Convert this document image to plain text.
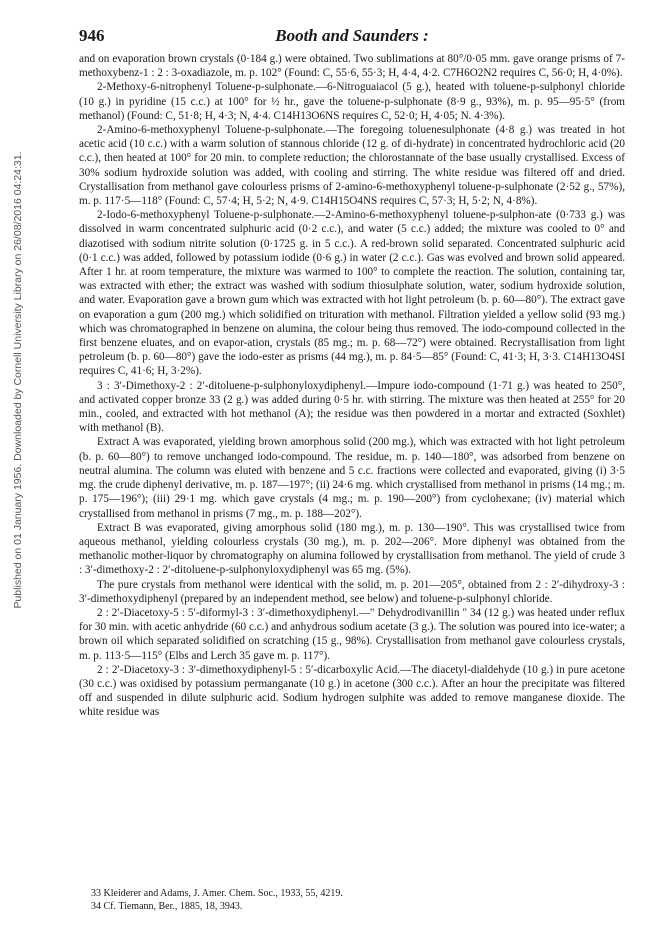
946	Booth and Saunders :
Published on 01 January 1956. Downloaded by Cornell University Library on 26/08/2016 04:24:31.

and on evaporation brown crystals (0·184 g.) were obtained. Two sublimations at 80°/0·05 mm. gave orange prisms of 7-methoxybenz-1 : 2 : 3-oxadiazole, m. p. 102° (Found: C, 55·6, 55·3; H, 4·4, 4·2. C7H6O2N2 requires C, 56·0; H, 4·0%).

2-Methoxy-6-nitrophenyl Toluene-p-sulphonate.—6-Nitroguaiacol (5 g.), heated with toluene-p-sulphonyl chloride (10 g.) in pyridine (15 c.c.) at 100° for ½ hr., gave the toluene-p-sulphonate (8·9 g., 93%), m. p. 95—95·5° (from methanol) (Found: C, 51·8; H, 4·3; N, 4·4. C14H13O6NS requires C, 52·0; H, 4·05; N. 4·3%).

2-Amino-6-methoxyphenyl Toluene-p-sulphonate.—The foregoing toluenesulphonate (4·8 g.) was treated in hot acetic acid (10 c.c.) with a warm solution of stannous chloride (12 g. of di-hydrate) in concentrated hydrochloric acid (20 c.c.), then heated at 100° for 20 min. to complete reduction; the chlorostannate of the base usually crystallised. Excess of 30% sodium hydroxide solution was added, with cooling and stirring. The white residue was filtered off and dried. Crystallisation from methanol gave colourless prisms of 2-amino-6-methoxyphenyl toluene-p-sulphonate (2·52 g., 57%), m. p. 117·5—118° (Found: C, 57·4; H, 5·2; N, 4·9. C14H15O4NS requires C, 57·3; H, 5·2; N, 4·8%).

2-Iodo-6-methoxyphenyl Toluene-p-sulphonate.—2-Amino-6-methoxyphenyl toluene-p-sulphon-ate (0·733 g.) was dissolved in warm concentrated sulphuric acid (0·2 c.c.), and water (5 c.c.) added; the mixture was cooled to 0° and diazotised with sodium nitrite solution (0·1725 g. in 5 c.c.). A red-brown solid separated. Concentrated sulphuric acid (0·1 c.c.) was added, followed by potassium iodide (0·6 g.) in water (2 c.c.). Gas was evolved and brown solid appeared. After 1 hr. at room temperature, the mixture was warmed to 100° to complete the reaction. The solution, containing tar, was extracted with ether; the extract was washed with sodium thiosulphate solution, water, sodium hydroxide solution, and water. Evaporation gave a brown gum which was extracted with hot light petroleum (b. p. 60—80°). The extract gave on evaporation a gum (200 mg.) which solidified on trituration with methanol. Filtration yielded a yellow solid (93 mg.) which was chromatographed in benzene on alumina, the colour being thus removed. The iodo-compound collected in the first benzene eluates, and on evapor-ation, crystals (85 mg.; m. p. 68—72°) were obtained. Recrystallisation from light petroleum (b. p. 60—80°) gave the iodo-ester as prisms (44 mg.), m. p. 84·5—85° (Found: C, 41·3; H, 3·3. C14H13O4SI requires C, 41·6; H, 3·2%).

3 : 3′-Dimethoxy-2 : 2′-ditoluene-p-sulphonyloxydiphenyl.—Impure iodo-compound (1·71 g.) was heated to 250°, and activated copper bronze 33 (2 g.) was added during 0·5 hr. with stirring. The mixture was then heated at 255° for 20 min., cooled, and extracted with hot methanol (A); the residue was then powdered in a mortar and extracted (Soxhlet) with methanol (B).

Extract A was evaporated, yielding brown amorphous solid (200 mg.), which was extracted with hot light petroleum (b. p. 60—80°) to remove unchanged iodo-compound. The residue, m. p. 140—180°, was adsorbed from benzene on neutral alumina. The column was eluted with benzene and 5 c.c. fractions were collected and evaporated, giving (i) 3·5 mg. the crude diphenyl derivative, m. p. 187—197°; (ii) 24·6 mg. which crystallised from methanol in prisms (14 mg.; m. p. 175—196°); (iii) 29·1 mg. which gave crystals (4 mg.; m. p. 190—200°) from cyclohexane; (iv) material which crystallised from methanol in prisms (7 mg., m. p. 188—202°).

Extract B was evaporated, giving amorphous solid (180 mg.), m. p. 130—190°. This was crystallised twice from aqueous methanol, yielding colourless crystals (30 mg.), m. p. 202—206°. More diphenyl was obtained from the methanolic mother-liquor by chromatography on alumina followed by crystallisation from methanol. The yield of crude 3 : 3′-dimethoxy-2 : 2′-ditoluene-p-sulphonyloxydiphenyl was 65 mg. (5%).

The pure crystals from methanol were identical with the solid, m. p. 201—205°, obtained from 2 : 2′-dihydroxy-3 : 3′-dimethoxydiphenyl (prepared by an independent method, see below) and toluene-p-sulphonyl chloride.

2 : 2′-Diacetoxy-5 : 5′-diformyl-3 : 3′-dimethoxydiphenyl.—" Dehydrodivanillin " 34 (12 g.) was heated under reflux for 30 min. with acetic anhydride (60 c.c.) and anhydrous sodium acetate (3 g.). The solution was poured into ice-water; a brown oil which separated solidified on scratching (15 g., 98%). Crystallisation from methanol gave colourless crystals, m. p. 113·5—115° (Elbs and Lerch 35 gave m. p. 117°).

2 : 2′-Diacetoxy-3 : 3′-dimethoxydiphenyl-5 : 5′-dicarboxylic Acid.—The diacetyl-dialdehyde (10 g.) in pure acetone (30 c.c.) was oxidised by potassium permanganate (10 g.) in acetone (300 c.c.). After an hour the precipitate was filtered off and suspended in dilute sulphuric acid. Sodium hydrogen sulphite was added to remove manganese dioxide. The white residue was

33 Kleiderer and Adams, J. Amer. Chem. Soc., 1933, 55, 4219.

34 Cf. Tiemann, Ber., 1885, 18, 3943.
